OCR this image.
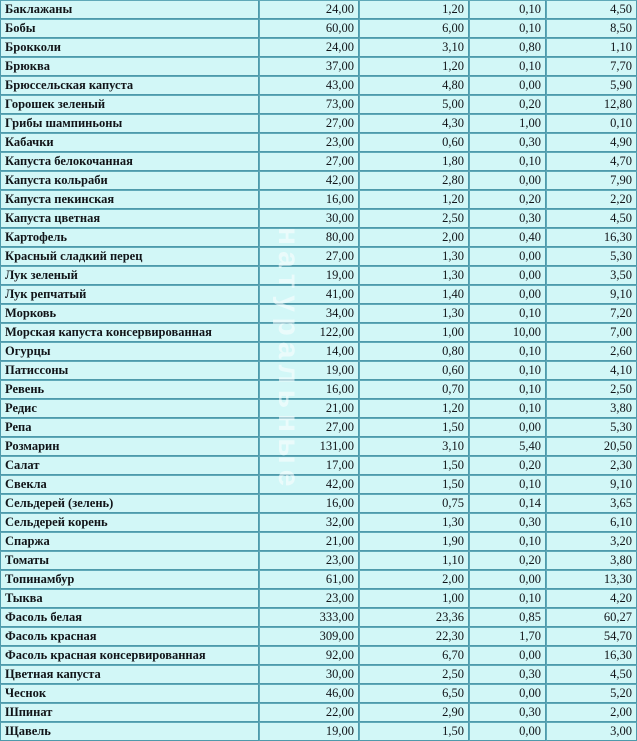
натуральные
Баклажаны	24,00	1,20	0,10	4,50
Бобы	60,00	6,00	0,10	8,50
Брокколи	24,00	3,10	0,80	1,10
Брюква	37,00	1,20	0,10	7,70
Брюссельская капуста	43,00	4,80	0,00	5,90
Горошек зеленый	73,00	5,00	0,20	12,80
Грибы шампиньоны	27,00	4,30	1,00	0,10
Кабачки	23,00	0,60	0,30	4,90
Капуста белокочанная	27,00	1,80	0,10	4,70
Капуста кольраби	42,00	2,80	0,00	7,90
Капуста пекинская	16,00	1,20	0,20	2,20
Капуста цветная	30,00	2,50	0,30	4,50
Картофель	80,00	2,00	0,40	16,30
Красный сладкий перец	27,00	1,30	0,00	5,30
Лук зеленый	19,00	1,30	0,00	3,50
Лук репчатый	41,00	1,40	0,00	9,10
Морковь	34,00	1,30	0,10	7,20
Морская капуста консервированная	122,00	1,00	10,00	7,00
Огурцы	14,00	0,80	0,10	2,60
Патиссоны	19,00	0,60	0,10	4,10
Ревень	16,00	0,70	0,10	2,50
Редис	21,00	1,20	0,10	3,80
Репа	27,00	1,50	0,00	5,30
Розмарин	131,00	3,10	5,40	20,50
Салат	17,00	1,50	0,20	2,30
Свекла	42,00	1,50	0,10	9,10
Сельдерей (зелень)	16,00	0,75	0,14	3,65
Сельдерей корень	32,00	1,30	0,30	6,10
Спаржа	21,00	1,90	0,10	3,20
Томаты	23,00	1,10	0,20	3,80
Топинамбур	61,00	2,00	0,00	13,30
Тыква	23,00	1,00	0,10	4,20
Фасоль белая	333,00	23,36	0,85	60,27
Фасоль красная	309,00	22,30	1,70	54,70
Фасоль красная консервированная	92,00	6,70	0,00	16,30
Цветная капуста	30,00	2,50	0,30	4,50
Чеснок	46,00	6,50	0,00	5,20
Шпинат	22,00	2,90	0,30	2,00
Щавель	19,00	1,50	0,00	3,00
